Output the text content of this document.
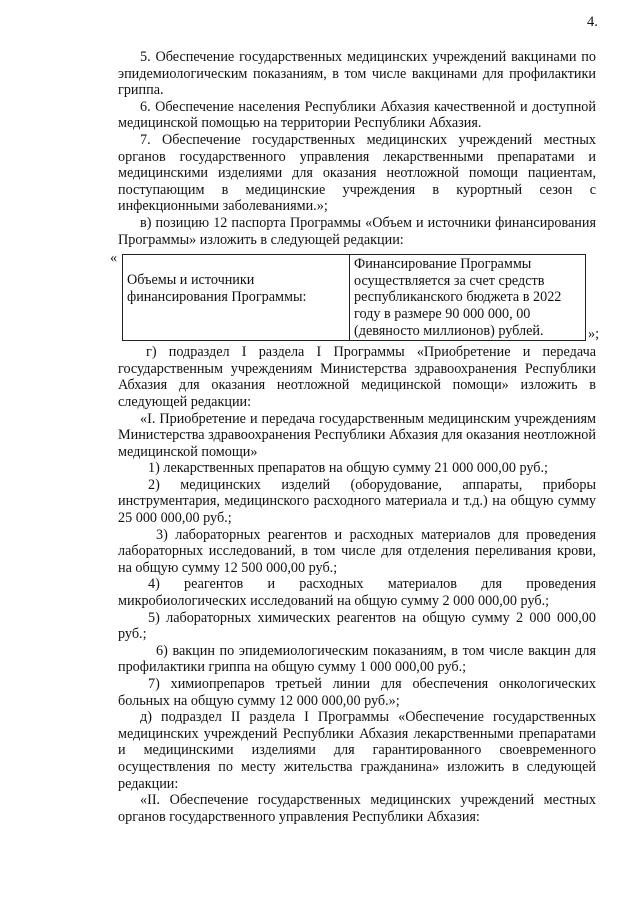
4.

5. Обеспечение государственных медицинских учреждений вакцинами по эпидемиологическим показаниям, в том числе вакцинами для профилактики гриппа.

6. Обеспечение населения Республики Абхазия качественной и доступной медицинской помощью на территории Республики Абхазия.

7. Обеспечение государственных медицинских учреждений местных органов государственного управления лекарственными препаратами и медицинскими изделиями для оказания неотложной помощи пациентам, поступающим в медицинские учреждения в курортный сезон с инфекционными заболеваниями.»;

в) позицию 12 паспорта Программы «Объем и источники финансирования Программы» изложить в следующей редакции:

«
Объемы и источники финансирования Программы:	Финансирование Программы осуществляется за счет средств республиканского бюджета в 2022 году в размере 90 000 000, 00 (девяносто миллионов) рублей.	»;

г) подраздел I раздела I Программы «Приобретение и передача государственным учреждениям Министерства здравоохранения Республики Абхазия для оказания неотложной медицинской помощи» изложить в следующей редакции:

«I. Приобретение и передача государственным медицинским учреждениям Министерства здравоохранения Республики Абхазия для оказания неотложной медицинской помощи»

1) лекарственных препаратов на общую сумму 21 000 000,00 руб.;

2) медицинских изделий (оборудование, аппараты, приборы инструментария, медицинского расходного материала и т.д.) на общую сумму 25 000 000,00 руб.;

3) лабораторных реагентов и расходных материалов для проведения лабораторных исследований, в том числе для отделения переливания крови, на общую сумму 12 500 000,00 руб.;

4) реагентов и расходных материалов для проведения микробиологических исследований на общую сумму 2 000 000,00 руб.;

5) лабораторных химических реагентов на общую сумму 2 000 000,00 руб.;

6) вакцин по эпидемиологическим показаниям, в том числе вакцин для профилактики гриппа на общую сумму 1 000 000,00 руб.;

7) химиопрепаров третьей линии для обеспечения онкологических больных на общую сумму 12 000 000,00 руб.»;

д) подраздел II раздела I Программы «Обеспечение государственных медицинских учреждений Республики Абхазия лекарственными препаратами и медицинскими изделиями для гарантированного своевременного осуществления по месту жительства гражданина» изложить в следующей редакции:

«II. Обеспечение государственных медицинских учреждений местных органов государственного управления Республики Абхазия:
